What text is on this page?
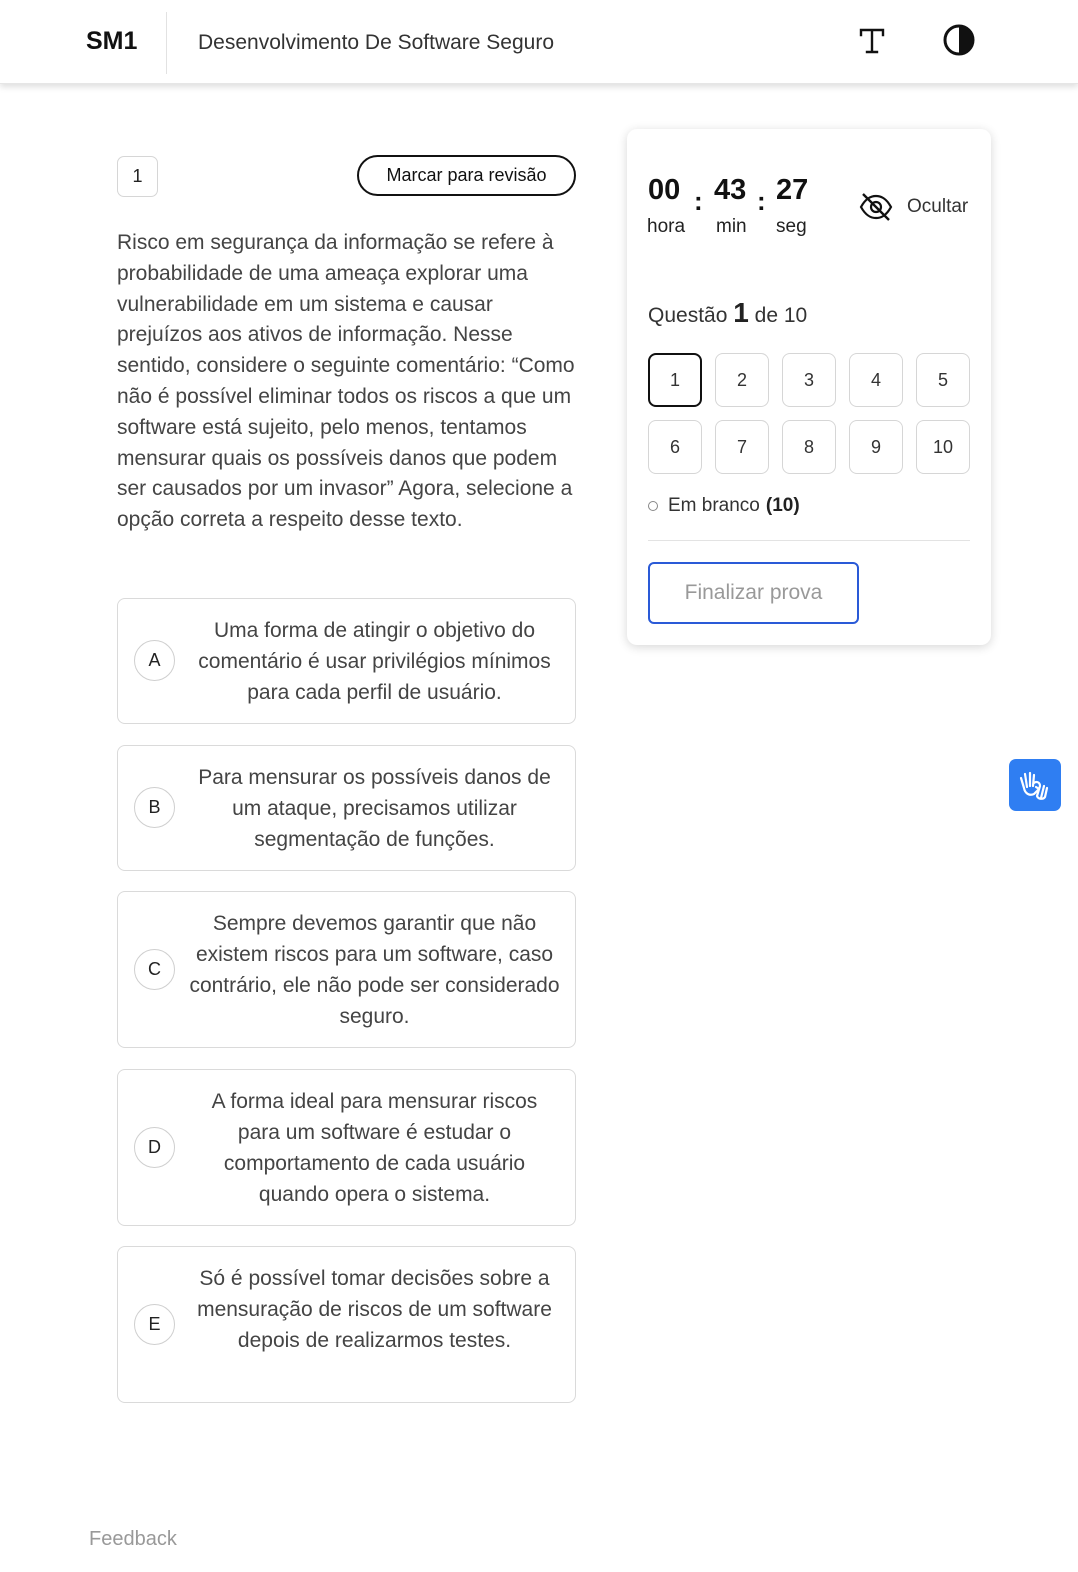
SM1	Desenvolvimento De Software Seguro
1	Marcar para revisão
Risco em segurança da informação se refere à probabilidade de uma ameaça explorar uma vulnerabilidade em um sistema e causar prejuízos aos ativos de informação. Nesse sentido, considere o seguinte comentário: “Como não é possível eliminar todos os riscos a que um software está sujeito, pelo menos, tentamos mensurar quais os possíveis danos que podem ser causados por um invasor” Agora, selecione a opção correta a respeito desse texto.
A
Uma forma de atingir o objetivo do comentário é usar privilégios mínimos para cada perfil de usuário.
B
Para mensurar os possíveis danos de um ataque, precisamos utilizar segmentação de funções.
C
Sempre devemos garantir que não existem riscos para um software, caso contrário, ele não pode ser considerado seguro.
D
A forma ideal para mensurar riscos para um software é estudar o comportamento de cada usuário quando opera o sistema.
E
Só é possível tomar decisões sobre a mensuração de riscos de um software depois de realizarmos testes.
00 : 43 : 27
hora min seg
Ocultar
Questão 1 de 10
1	2	3	4	5
6	7	8	9	10
Em branco (10)
Finalizar prova
Feedback
